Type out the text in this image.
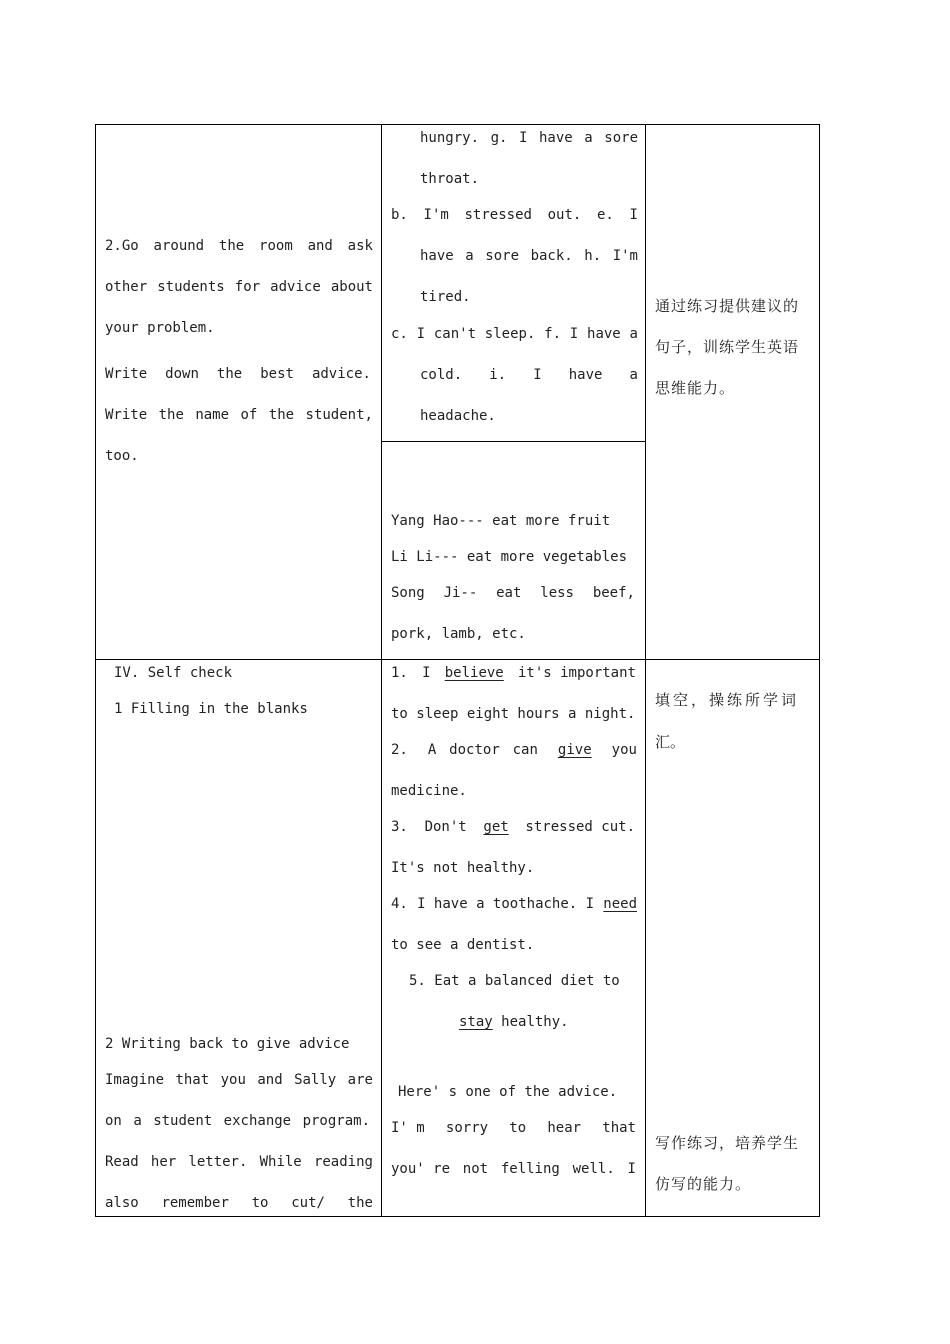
2.Go around the room and ask
other students for advice about
your problem.
Write down the best advice.
Write the name of the student,
too.
hungry. g. I have a sore
throat.
b. I'm stressed out. e. I
have a sore back. h. I'm
tired.
c. I can't sleep. f. I have a
cold. i. I have a
headache.
Yang Hao--- eat more fruit
Li Li--- eat more vegetables
Song Ji-- eat less beef,
pork, lamb, etc.
通过练习提供建议的
句子，训练学生英语
思维能力。
IV. Self check
1 Filling in the blanks
2 Writing back to give advice
Imagine that you and Sally are
on a student exchange program.
Read her letter. While reading
also remember to cut/ the
1. I believe it's important
to sleep eight hours a night.
2. A doctor can give you
medicine.
3. Don't get stressed cut.
It's not healthy.
4. I have a toothache. I need
to see a dentist.
5. Eat a balanced diet to
stay healthy.
Here' s one of the advice.
I' m sorry to hear that
you' re not felling well. I
填空，操练所学词
汇。
写作练习，培养学生
仿写的能力。
